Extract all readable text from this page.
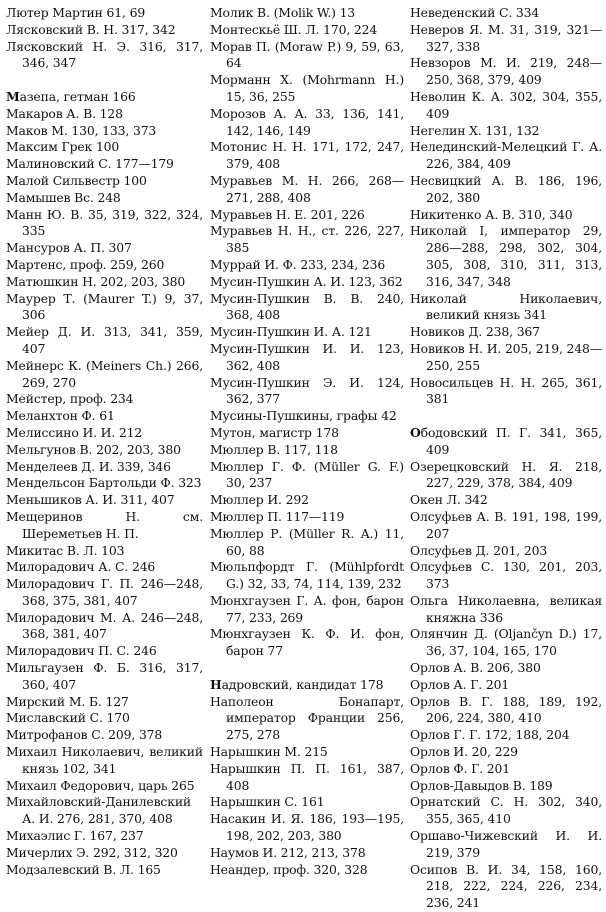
Лютер Мартин 61, 69

Лясковский В. Н. 317, 342

Лясковский Н. Э. 316, 317, 346, 347

Мазепа, гетман 166

Макаров А. В. 128

Маков М. 130, 133, 373

Максим Грек 100

Малиновский С. 177—179

Малой Сильвестр 100

Мамышев Вс. 248

Манн Ю. В. 35, 319, 322, 324, 335

Мансуров А. П. 307

Мартенс, проф. 259, 260

Матюшкин Н. 202, 203, 380

Маурер Т. (Maurer T.) 9, 37, 306

Мейер Д. И. 313, 341, 359, 407

Мейнерс К. (Meiners Ch.) 266, 269, 270

Мейстер, проф. 234

Меланхтон Ф. 61

Мелиссино И. И. 212

Мельгунов В. 202, 203, 380

Менделеев Д. И. 339, 346

Мендельсон Бартольди Ф. 323

Меньшиков А. И. 311, 407

Мещеринов Н. см. Шереметьев Н. П.

Микитас В. Л. 103

Милорадович А. С. 246

Милорадович Г. П. 246—248, 368, 375, 381, 407

Милорадович М. А. 246—248, 368, 381, 407

Милорадович П. С. 246

Мильгаузен Ф. Б. 316, 317, 360, 407

Мирский М. Б. 127

Миславский С. 170

Митрофанов С. 209, 378

Михаил Николаевич, великий князь 102, 341

Михаил Федорович, царь 265

Михайловский-Данилевский А. И. 276, 281, 370, 408

Михаэлис Г. 167, 237

Мичерлих Э. 292, 312, 320

Модзалевский В. Л. 165

Молик В. (Molik W.) 13

Монтескьё Ш. Л. 170, 224

Морав П. (Moraw P.) 9, 59, 63, 64

Морманн Х. (Mohrmann H.) 15, 36, 255

Морозов А. А. 33, 136, 141, 142, 146, 149

Мотонис Н. Н. 171, 172, 247, 379, 408

Муравьев М. Н. 266, 268—271, 288, 408

Муравьев Н. Е. 201, 226

Муравьев Н. Н., ст. 226, 227, 385

Муррай И. Ф. 233, 234, 236

Мусин-Пушкин А. И. 123, 362

Мусин-Пушкин В. В. 240, 368, 408

Мусин-Пушкин И. А. 121

Мусин-Пушкин И. И. 123, 362, 408

Мусин-Пушкин Э. И. 124, 362, 377

Мусины-Пушкины, графы 42

Мутон, магистр 178

Мюллер В. 117, 118

Мюллер Г. Ф. (Müller G. F.) 30, 237

Мюллер И. 292

Мюллер П. 117—119

Мюллер Р. (Müller R. A.) 11, 60, 88

Мюльпфордт Г. (Mühlpfordt G.) 32, 33, 74, 114, 139, 232

Мюнхгаузен Г. А. фон, барон 77, 233, 269

Мюнхгаузен К. Ф. И. фон, барон 77

Надровский, кандидат 178

Наполеон Бонапарт, император Франции 256, 275, 278

Нарышкин М. 215

Нарышкин П. П. 161, 387, 408

Нарышкин С. 161

Насакин И. Я. 186, 193—195, 198, 202, 203, 380

Наумов И. 212, 213, 378

Неандер, проф. 320, 328

Неведенский С. 334

Неверов Я. М. 31, 319, 321—327, 338

Невзоров М. И. 219, 248—250, 368, 379, 409

Неволин К. А. 302, 304, 355, 409

Негелин Х. 131, 132

Нелединский-Мелецкий Г. А. 226, 384, 409

Несвицкий А. В. 186, 196, 202, 380

Никитенко А. В. 310, 340

Николай I, император 29, 286—288, 298, 302, 304, 305, 308, 310, 311, 313, 316, 347, 348

Николай Николаевич, великий князь 341

Новиков Д. 238, 367

Новиков Н. И. 205, 219, 248—250, 255

Новосильцев Н. Н. 265, 361, 381

Ободовский П. Г. 341, 365, 409

Озерецковский Н. Я. 218, 227, 229, 378, 384, 409

Окен Л. 342

Олсуфьев А. В. 191, 198, 199, 207

Олсуфьев Д. 201, 203

Олсуфьев С. 130, 201, 203, 373

Ольга Николаевна, великая княжна 336

Олянчин Д. (Oljančyn D.) 17, 36, 37, 104, 165, 170

Орлов А. В. 206, 380

Орлов А. Г. 201

Орлов В. Г. 188, 189, 192, 206, 224, 380, 410

Орлов Г. Г. 172, 188, 204

Орлов И. 20, 229

Орлов Ф. Г. 201

Орлов-Давыдов В. 189

Орнатский С. Н. 302, 340, 355, 365, 410

Оршаво-Чижевский И. И. 219, 379

Осипов В. И. 34, 158, 160, 218, 222, 224, 226, 234, 236, 241
